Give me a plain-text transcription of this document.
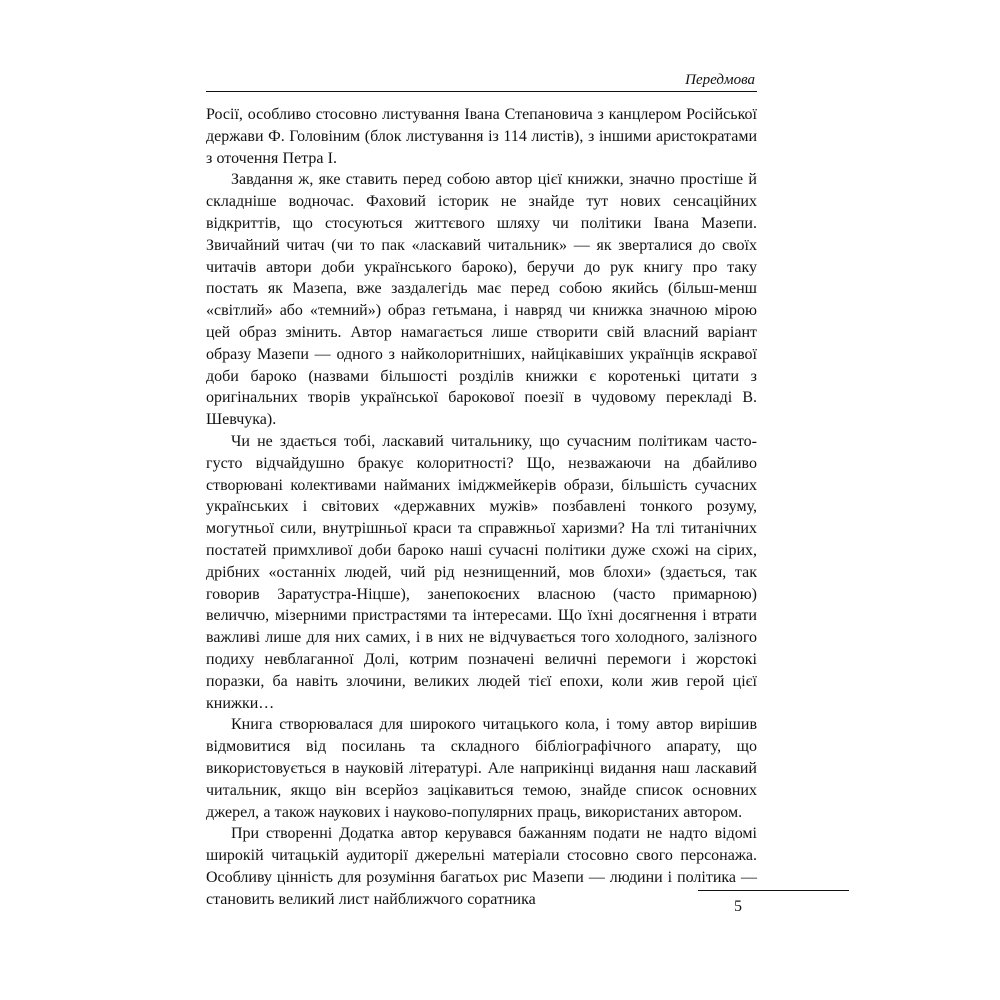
Передмова

Росії, особливо стосовно листування Івана Степановича з канцлером Російської держави Ф. Головіним (блок листування із 114 листів), з іншими аристократами з оточення Петра І.

Завдання ж, яке ставить перед собою автор цієї книжки, значно простіше й складніше водночас. Фаховий історик не знайде тут нових сенсаційних відкриттів, що стосуються життєвого шляху чи політики Івана Мазепи. Звичайний читач (чи то пак «ласкавий читальник» — як зверталися до своїх читачів автори доби українського бароко), беручи до рук книгу про таку постать як Мазепа, вже заздалегідь має перед собою якийсь (більш-менш «світлий» або «темний») образ гетьмана, і навряд чи книжка значною мірою цей образ змінить. Автор намагається лише створити свій власний варіант образу Мазепи — одного з найколоритніших, найцікавіших українців яскравої доби бароко (назвами більшості розділів книжки є коротенькі цитати з оригінальних творів української барокової поезії в чудовому перекладі В. Шевчука).

Чи не здається тобі, ласкавий читальнику, що сучасним політикам часто-густо відчайдушно бракує колоритності? Що, незважаючи на дбайливо створювані колективами найманих іміджмейкерів образи, більшість сучасних українських і світових «державних мужів» позбавлені тонкого розуму, могутньої сили, внутрішньої краси та справжньої харизми? На тлі титанічних постатей примхливої доби бароко наші сучасні політики дуже схожі на сірих, дрібних «останніх людей, чий рід незнищенний, мов блохи» (здається, так говорив Заратустра-Ніцше), занепокоєних власною (часто примарною) величчю, мізерними пристрастями та інтересами. Що їхні досягнення і втрати важливі лише для них самих, і в них не відчувається того холодного, залізного подиху невблаганної Долі, котрим позначені величні перемоги і жорстокі поразки, ба навіть злочини, великих людей тієї епохи, коли жив герой цієї книжки…

Книга створювалася для широкого читацького кола, і тому автор вирішив відмовитися від посилань та складного бібліографічного апарату, що використовується в науковій літературі. Але наприкінці видання наш ласкавий читальник, якщо він всерйоз зацікавиться темою, знайде список основних джерел, а також наукових і науково-популярних праць, використаних автором.

При створенні Додатка автор керувався бажанням подати не надто відомі широкій читацькій аудиторії джерельні матеріали стосовно свого персонажа. Особливу цінність для розуміння багатьох рис Мазепи — людини і політика — становить великий лист найближчого соратника	5
